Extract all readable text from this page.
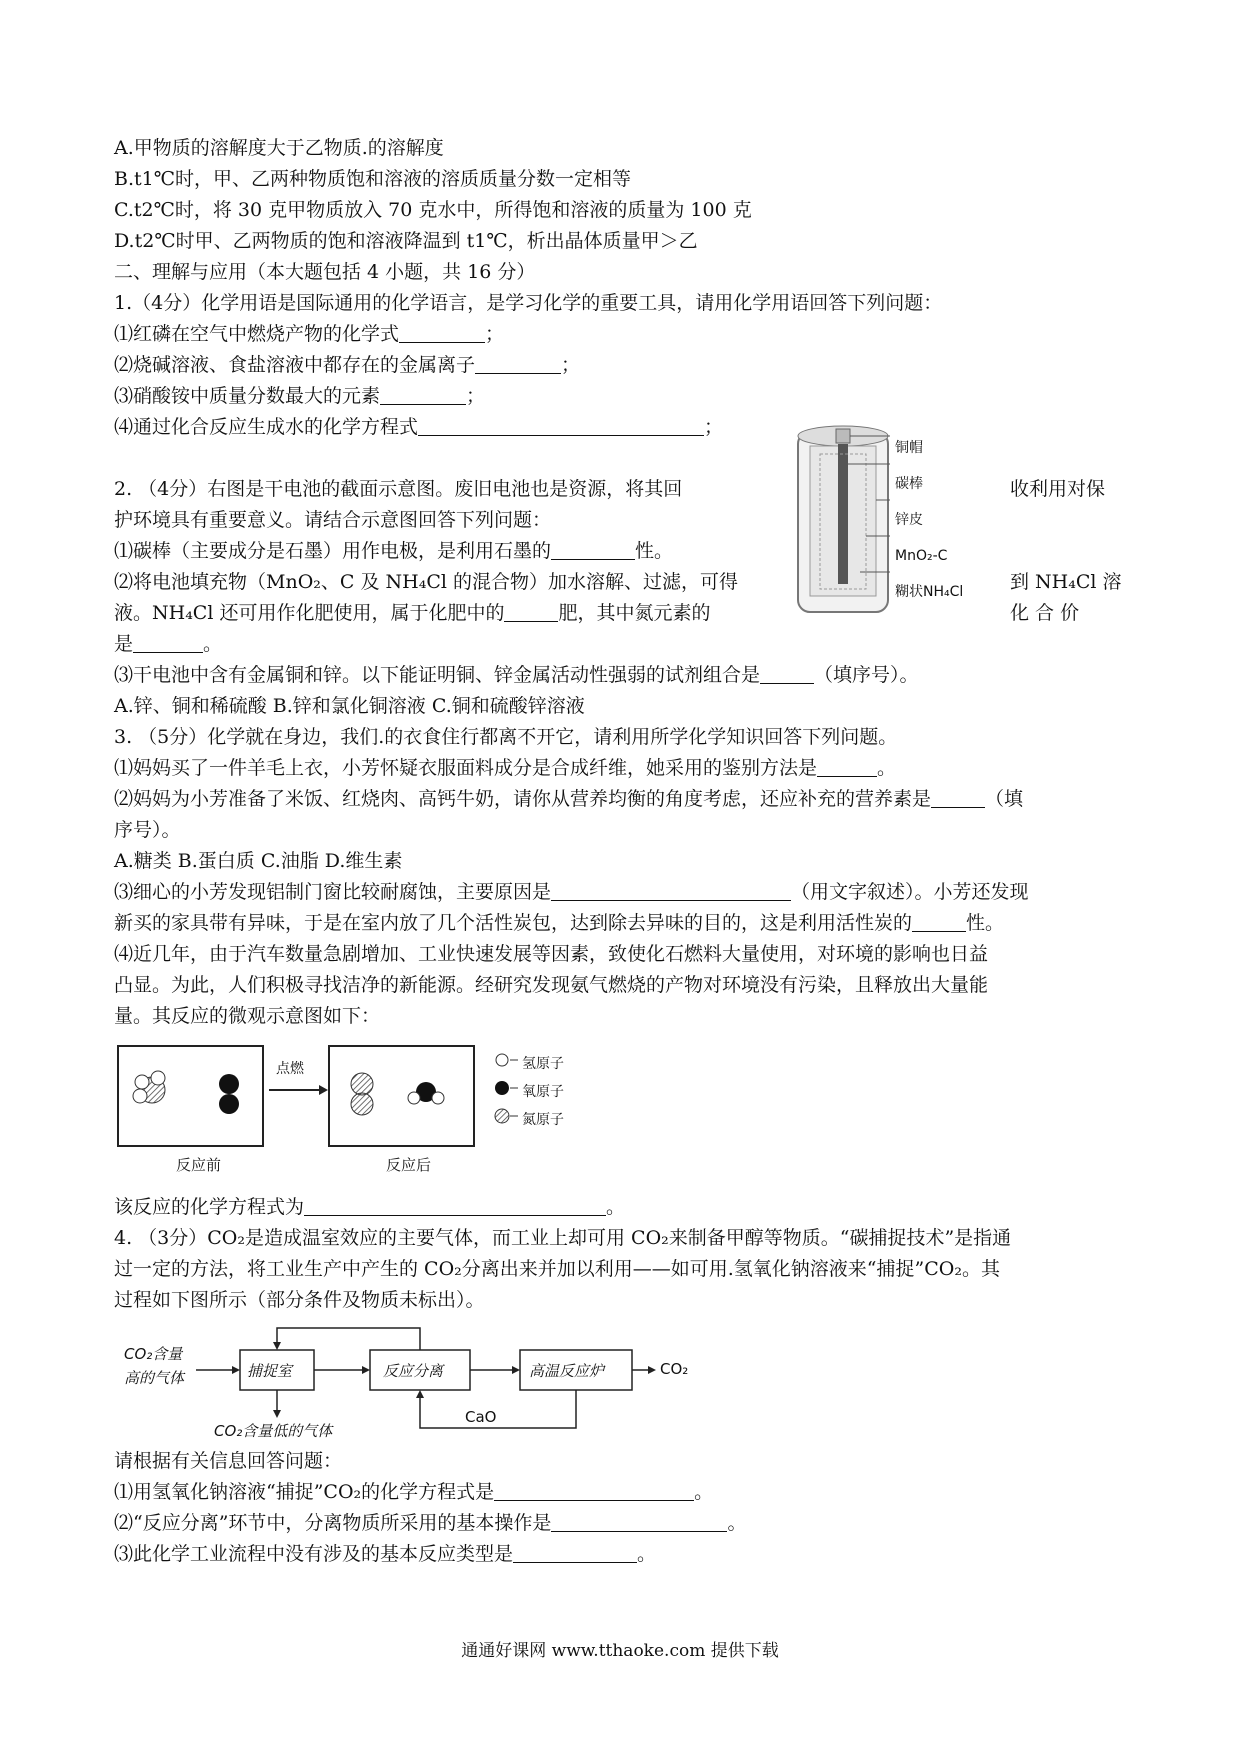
A.甲物质的溶解度大于乙物质.的溶解度
B.t1℃时，甲、乙两种物质饱和溶液的溶质质量分数一定相等
C.t2℃时，将 30 克甲物质放入 70 克水中，所得饱和溶液的质量为 100 克
D.t2℃时甲、乙两物质的饱和溶液降温到 t1℃，析出晶体质量甲＞乙
二、理解与应用（本大题包括 4 小题，共 16 分）
1.（4分）化学用语是国际通用的化学语言，是学习化学的重要工具，请用化学用语回答下列问题：
⑴红磷在空气中燃烧产物的化学式	；
⑵烧碱溶液、食盐溶液中都存在的金属离子	；
⑶硝酸铵中质量分数最大的元素	；
⑷通过化合反应生成水的化学方程式	；
铜帽
碳棒
锌皮
MnO₂-C
糊状NH₄Cl
2. （4分）右图是干电池的截面示意图。废旧电池也是资源，将其回	收利用对保
护环境具有重要意义。请结合示意图回答下列问题：
⑴碳棒（主要成分是石墨）用作电极，是利用石墨的	性。
⑵将电池填充物（MnO₂、C 及 NH₄Cl 的混合物）加水溶解、过滤，可得	到 NH₄Cl 溶
液。NH₄Cl 还可用作化肥使用，属于化肥中的	肥，其中氮元素的	化 合 价
是	。
⑶干电池中含有金属铜和锌。以下能证明铜、锌金属活动性强弱的试剂组合是	（填序号）。
A.锌、铜和稀硫酸 B.锌和氯化铜溶液 C.铜和硫酸锌溶液
3. （5分）化学就在身边，我们.的衣食住行都离不开它，请利用所学化学知识回答下列问题。
⑴妈妈买了一件羊毛上衣，小芳怀疑衣服面料成分是合成纤维，她采用的鉴别方法是	。
⑵妈妈为小芳准备了米饭、红烧肉、高钙牛奶，请你从营养均衡的角度考虑，还应补充的营养素是	（填
序号）。
A.糖类 B.蛋白质 C.油脂 D.维生素
⑶细心的小芳发现铝制门窗比较耐腐蚀，主要原因是	（用文字叙述）。小芳还发现
新买的家具带有异味，于是在室内放了几个活性炭包，达到除去异味的目的，这是利用活性炭的	性。
⑷近几年，由于汽车数量急剧增加、工业快速发展等因素，致使化石燃料大量使用，对环境的影响也日益
凸显。为此，人们积极寻找洁净的新能源。经研究发现氨气燃烧的产物对环境没有污染，且释放出大量能
量。其反应的微观示意图如下：
点燃
反应前	反应后
氢原子
氧原子
氮原子
该反应的化学方程式为	。
4. （3分）CO₂是造成温室效应的主要气体，而工业上却可用 CO₂来制备甲醇等物质。“碳捕捉技术”是指通
过一定的方法，将工业生产中产生的 CO₂分离出来并加以利用——如可用.氢氧化钠溶液来“捕捉”CO₂。其
过程如下图所示（部分条件及物质未标出）。
CO₂含量
高的气体	捕捉室	反应分离	高温反应炉	CO₂
CaO
CO₂含量低的气体
请根据有关信息回答问题：
⑴用氢氧化钠溶液“捕捉”CO₂的化学方程式是	。
⑵“反应分离”环节中，分离物质所采用的基本操作是	。
⑶此化学工业流程中没有涉及的基本反应类型是	。
通通好课网 www.tthaoke.com 提供下载
